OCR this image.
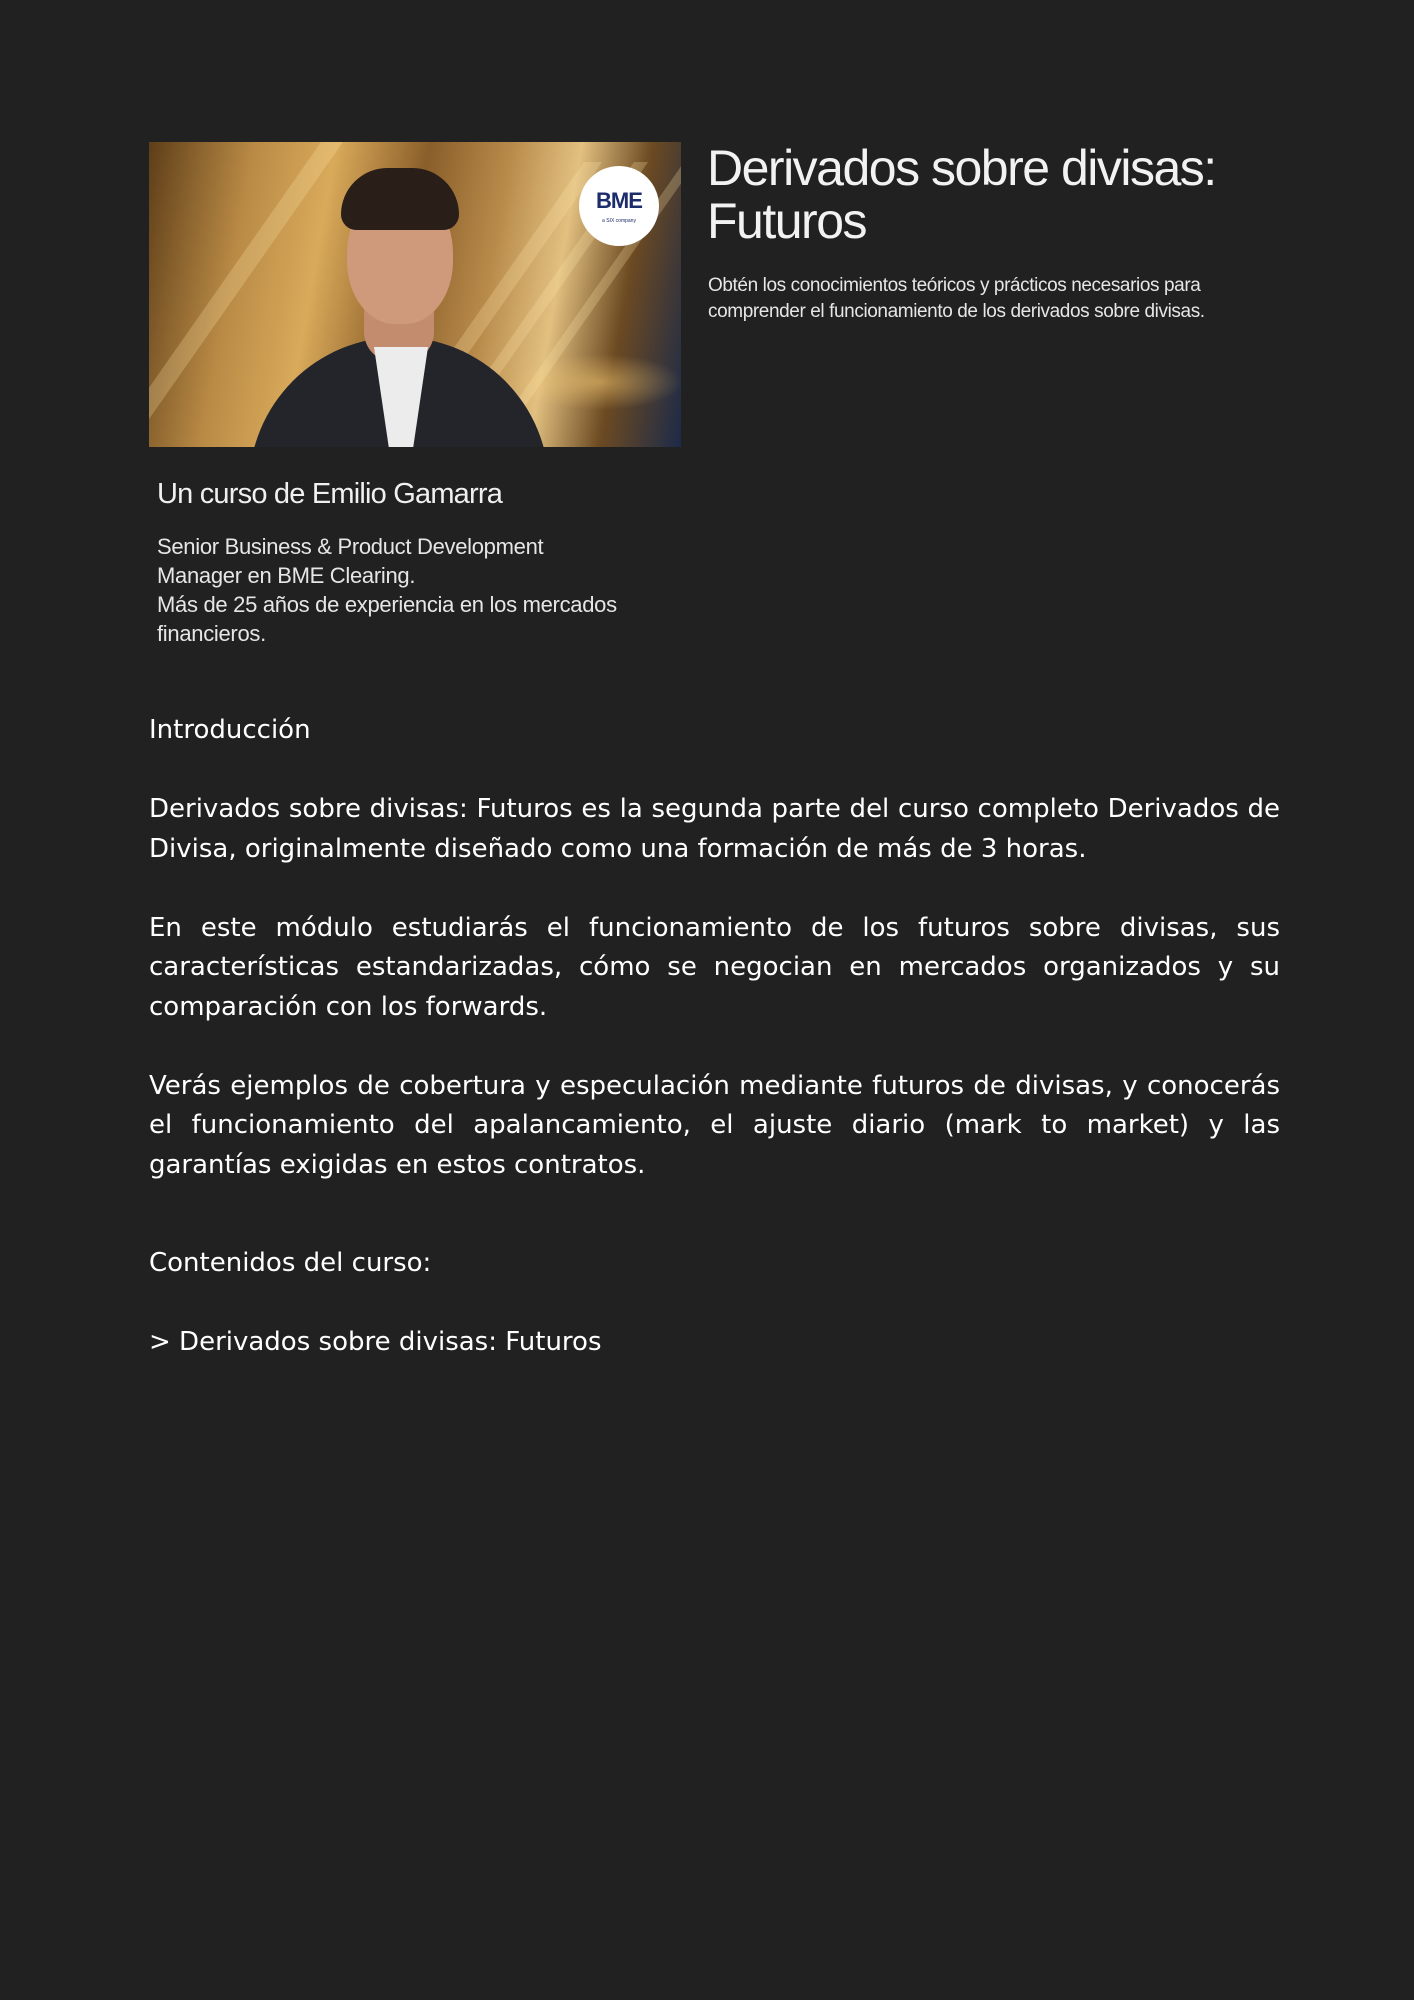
BME
a SIX company
Derivados sobre divisas: Futuros

Obtén los conocimientos teóricos y prácticos necesarios para comprender el funcionamiento de los derivados sobre divisas.

Un curso de Emilio Gamarra

Senior Business & Product Development
Manager en BME Clearing.
Más de 25 años de experiencia en los mercados
financieros.

Introducción

Derivados sobre divisas: Futuros es la segunda parte del curso completo Derivados de Divisa, originalmente diseñado como una formación de más de 3 horas.

En este módulo estudiarás el funcionamiento de los futuros sobre divisas, sus características estandarizadas, cómo se negocian en mercados organizados y su comparación con los forwards.

Verás ejemplos de cobertura y especulación mediante futuros de divisas, y conocerás el funcionamiento del apalancamiento, el ajuste diario (mark to market) y las garantías exigidas en estos contratos.

Contenidos del curso:

> Derivados sobre divisas: Futuros
